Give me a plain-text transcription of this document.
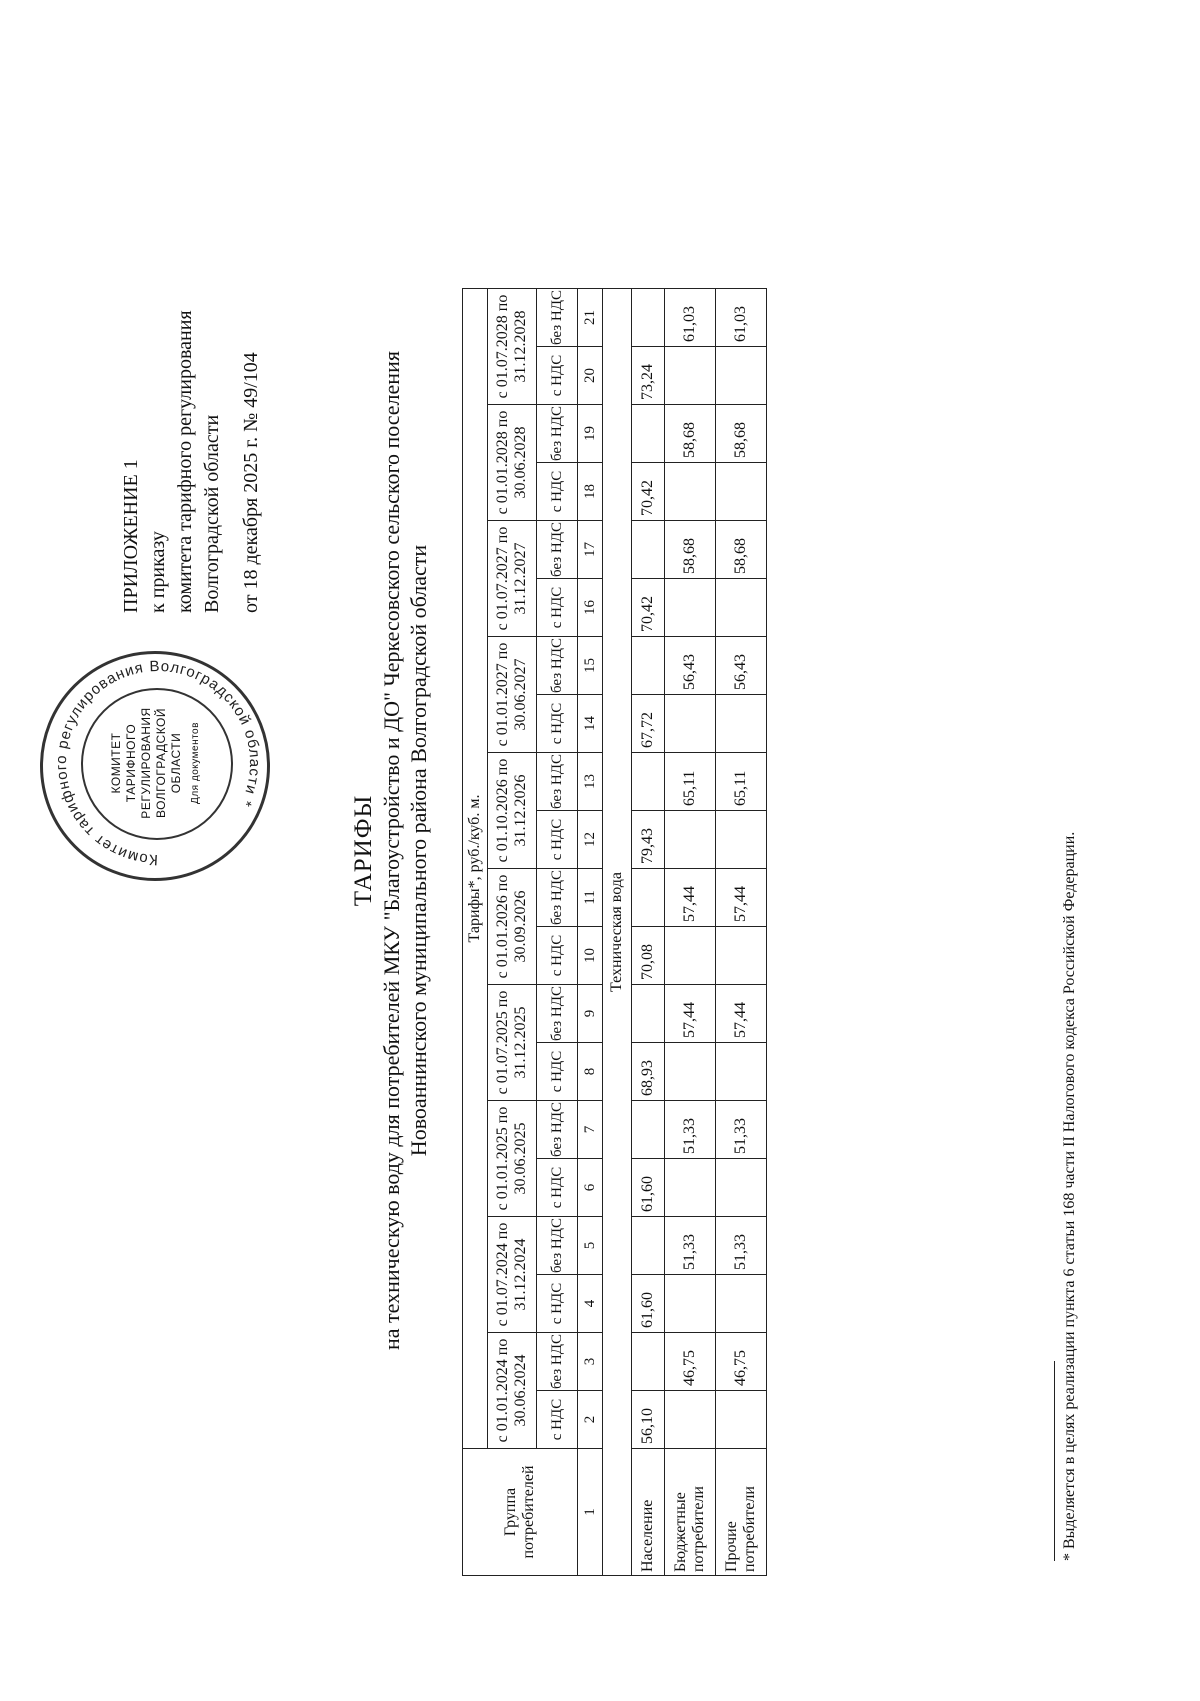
Комитет тарифного регулирования Волгоградской области *
КОМИТЕТ ТАРИФНОГО РЕГУЛИРОВАНИЯ ВОЛГОГРАДСКОЙ ОБЛАСТИ Для документов
ПРИЛОЖЕНИЕ 1 к приказу комитета тарифного регулирования Волгоградской области от 18 декабря 2025 г. № 49/104
ТАРИФЫ на техническую воду для потребителей МКУ "Благоустройство и ДО" Черкесовского сельского поселения Новоаннинского муниципального района Волгоградской области
Группа потребителей	Тарифы*, руб./куб. м.																			
	с 01.01.2024 по 30.06.2024		с 01.07.2024 по 31.12.2024		с 01.01.2025 по 30.06.2025		с 01.07.2025 по 31.12.2025		с 01.01.2026 по 30.09.2026		с 01.10.2026 по 31.12.2026		с 01.01.2027 по 30.06.2027		с 01.07.2027 по 31.12.2027		с 01.01.2028 по 30.06.2028		с 01.07.2028 по 31.12.2028	
	с НДС	без НДС	с НДС	без НДС	с НДС	без НДС	с НДС	без НДС	с НДС	без НДС	с НДС	без НДС	с НДС	без НДС	с НДС	без НДС	с НДС	без НДС	с НДС	без НДС
1	2	3	4	5	6	7	8	9	10	11	12	13	14	15	16	17	18	19	20	21
Техническая вода																				
Население	56,10		61,60		61,60		68,93		70,08		79,43		67,72		70,42		70,42		73,24	
Бюджетные потребители		46,75		51,33		51,33		57,44		57,44		65,11		56,43		58,68		58,68		61,03
Прочие потребители		46,75		51,33		51,33		57,44		57,44		65,11		56,43		58,68		58,68		61,03
* Выделяется в целях реализации пункта 6 статьи 168 части II Налогового кодекса Российской Федерации.
